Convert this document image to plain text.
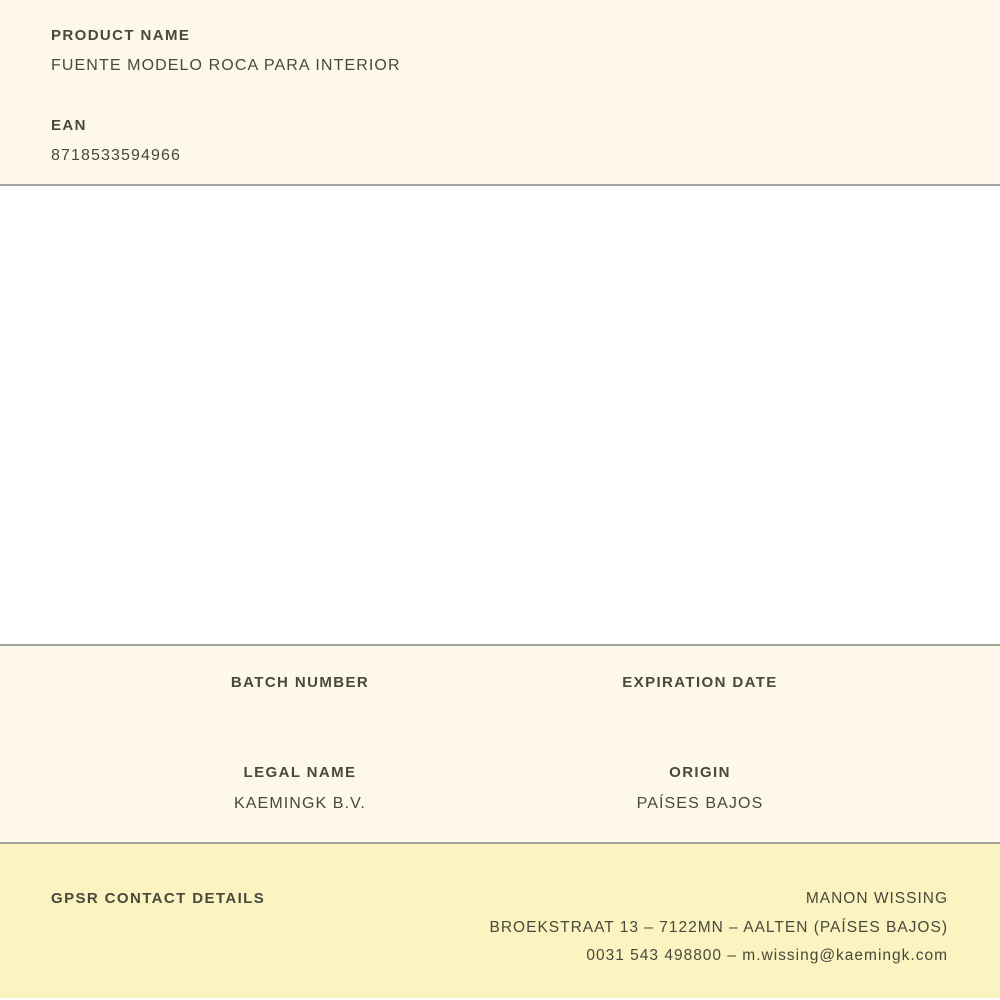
PRODUCT NAME
FUENTE MODELO ROCA PARA INTERIOR
EAN
8718533594966
BATCH NUMBER	EXPIRATION DATE
LEGAL NAME	ORIGIN
KAEMINGK B.V.	PAÍSES BAJOS
GPSR CONTACT DETAILS	MANON WISSING
BROEKSTRAAT 13 – 7122MN – AALTEN (PAÍSES BAJOS)
0031 543 498800 – m.wissing@kaemingk.com
